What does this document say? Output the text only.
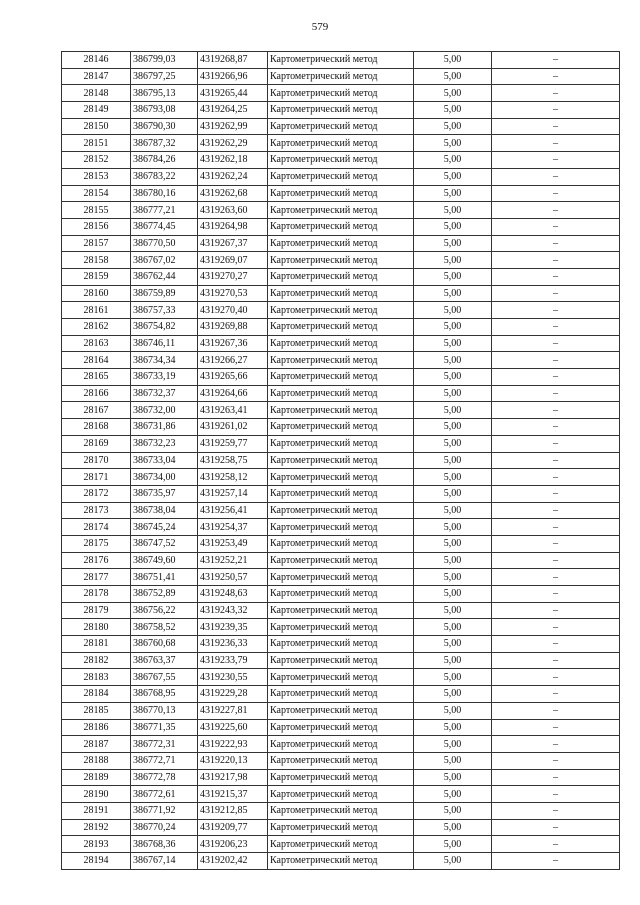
579
28146	386799,03	4319268,87	Картометрический метод	5,00	–
28147	386797,25	4319266,96	Картометрический метод	5,00	–
28148	386795,13	4319265,44	Картометрический метод	5,00	–
28149	386793,08	4319264,25	Картометрический метод	5,00	–
28150	386790,30	4319262,99	Картометрический метод	5,00	–
28151	386787,32	4319262,29	Картометрический метод	5,00	–
28152	386784,26	4319262,18	Картометрический метод	5,00	–
28153	386783,22	4319262,24	Картометрический метод	5,00	–
28154	386780,16	4319262,68	Картометрический метод	5,00	–
28155	386777,21	4319263,60	Картометрический метод	5,00	–
28156	386774,45	4319264,98	Картометрический метод	5,00	–
28157	386770,50	4319267,37	Картометрический метод	5,00	–
28158	386767,02	4319269,07	Картометрический метод	5,00	–
28159	386762,44	4319270,27	Картометрический метод	5,00	–
28160	386759,89	4319270,53	Картометрический метод	5,00	–
28161	386757,33	4319270,40	Картометрический метод	5,00	–
28162	386754,82	4319269,88	Картометрический метод	5,00	–
28163	386746,11	4319267,36	Картометрический метод	5,00	–
28164	386734,34	4319266,27	Картометрический метод	5,00	–
28165	386733,19	4319265,66	Картометрический метод	5,00	–
28166	386732,37	4319264,66	Картометрический метод	5,00	–
28167	386732,00	4319263,41	Картометрический метод	5,00	–
28168	386731,86	4319261,02	Картометрический метод	5,00	–
28169	386732,23	4319259,77	Картометрический метод	5,00	–
28170	386733,04	4319258,75	Картометрический метод	5,00	–
28171	386734,00	4319258,12	Картометрический метод	5,00	–
28172	386735,97	4319257,14	Картометрический метод	5,00	–
28173	386738,04	4319256,41	Картометрический метод	5,00	–
28174	386745,24	4319254,37	Картометрический метод	5,00	–
28175	386747,52	4319253,49	Картометрический метод	5,00	–
28176	386749,60	4319252,21	Картометрический метод	5,00	–
28177	386751,41	4319250,57	Картометрический метод	5,00	–
28178	386752,89	4319248,63	Картометрический метод	5,00	–
28179	386756,22	4319243,32	Картометрический метод	5,00	–
28180	386758,52	4319239,35	Картометрический метод	5,00	–
28181	386760,68	4319236,33	Картометрический метод	5,00	–
28182	386763,37	4319233,79	Картометрический метод	5,00	–
28183	386767,55	4319230,55	Картометрический метод	5,00	–
28184	386768,95	4319229,28	Картометрический метод	5,00	–
28185	386770,13	4319227,81	Картометрический метод	5,00	–
28186	386771,35	4319225,60	Картометрический метод	5,00	–
28187	386772,31	4319222,93	Картометрический метод	5,00	–
28188	386772,71	4319220,13	Картометрический метод	5,00	–
28189	386772,78	4319217,98	Картометрический метод	5,00	–
28190	386772,61	4319215,37	Картометрический метод	5,00	–
28191	386771,92	4319212,85	Картометрический метод	5,00	–
28192	386770,24	4319209,77	Картометрический метод	5,00	–
28193	386768,36	4319206,23	Картометрический метод	5,00	–
28194	386767,14	4319202,42	Картометрический метод	5,00	–
